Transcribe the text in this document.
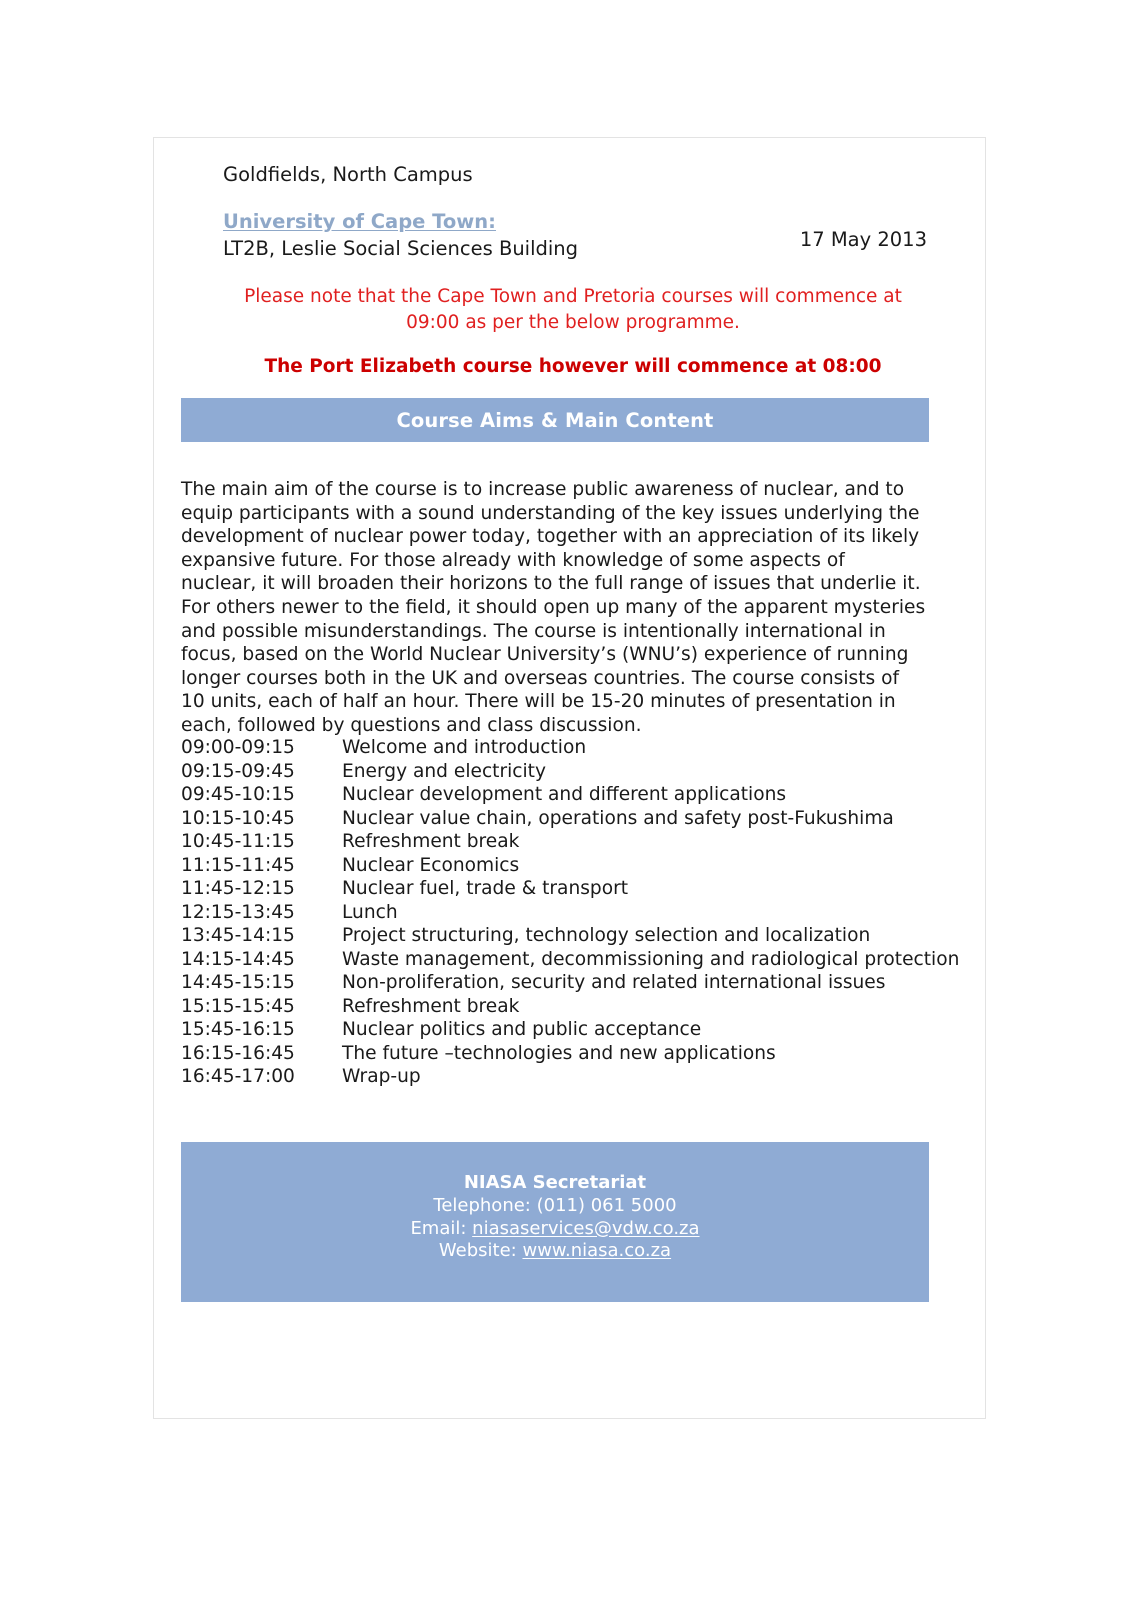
Goldfields, North Campus
University of Cape Town:
LT2B, Leslie Social Sciences Building	17 May 2013
Please note that the Cape Town and Pretoria courses will commence at 09:00 as per the below programme.
The Port Elizabeth course however will commence at 08:00
Course Aims & Main Content
The main aim of the course is to increase public awareness of nuclear, and to equip participants with a sound understanding of the key issues underlying the development of nuclear power today, together with an appreciation of its likely expansive future. For those already with knowledge of some aspects of nuclear, it will broaden their horizons to the full range of issues that underlie it. For others newer to the field, it should open up many of the apparent mysteries and possible misunderstandings. The course is intentionally international in focus, based on the World Nuclear University’s (WNU’s) experience of running longer courses both in the UK and overseas countries. The course consists of 10 units, each of half an hour. There will be 15-20 minutes of presentation in each, followed by questions and class discussion.
09:00-09:15	Welcome and introduction
09:15-09:45	Energy and electricity
09:45-10:15	Nuclear development and different applications
10:15-10:45	Nuclear value chain, operations and safety post-Fukushima
10:45-11:15	Refreshment break
11:15-11:45	Nuclear Economics
11:45-12:15	Nuclear fuel, trade & transport
12:15-13:45	Lunch
13:45-14:15	Project structuring, technology selection and localization
14:15-14:45	Waste management, decommissioning and radiological protection
14:45-15:15	Non-proliferation, security and related international issues
15:15-15:45	Refreshment break
15:45-16:15	Nuclear politics and public acceptance
16:15-16:45	The future –technologies and new applications
16:45-17:00	Wrap-up
NIASA Secretariat
Telephone: (011) 061 5000
Email: niasaservices@vdw.co.za
Website: www.niasa.co.za
